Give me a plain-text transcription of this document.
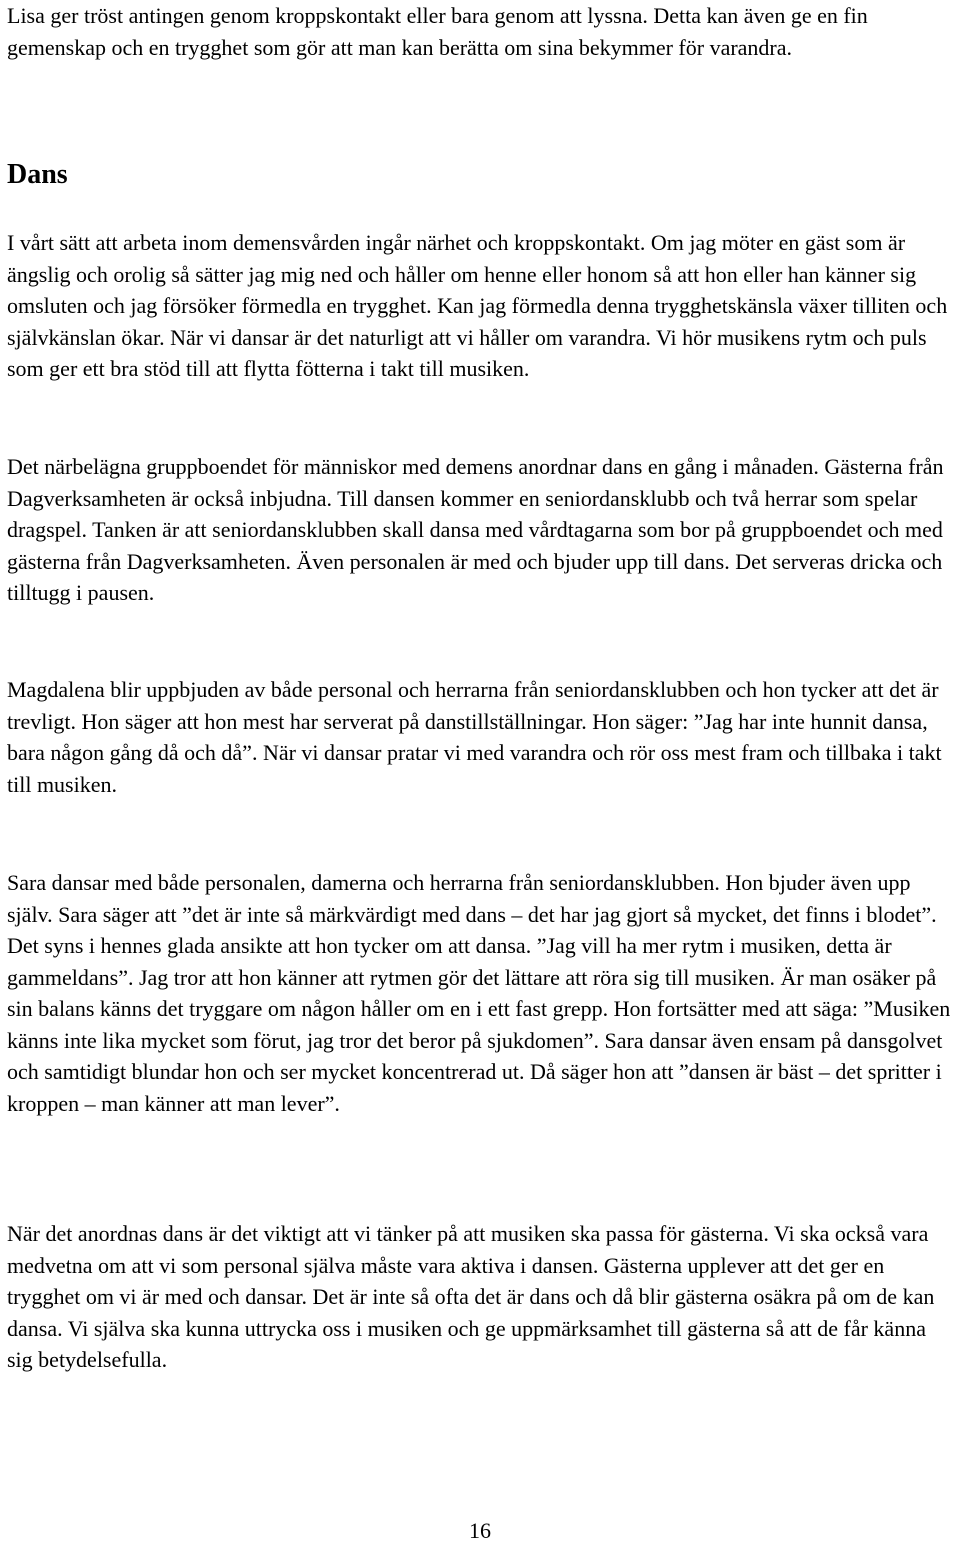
Lisa ger tröst antingen genom kroppskontakt eller bara genom att lyssna. Detta kan även ge en fin gemenskap och en trygghet som gör att man kan berätta om sina bekymmer för varandra.

Dans

I vårt sätt att arbeta inom demensvården ingår närhet och kroppskontakt. Om jag möter en gäst som är ängslig och orolig så sätter jag mig ned och håller om henne eller honom så att hon eller han känner sig omsluten och jag försöker förmedla en trygghet. Kan jag förmedla denna trygghetskänsla växer tilliten och självkänslan ökar. När vi dansar är det naturligt att vi håller om varandra. Vi hör musikens rytm och puls som ger ett bra stöd till att flytta fötterna i takt till musiken.

Det närbelägna gruppboendet för människor med demens anordnar dans en gång i månaden. Gästerna från Dagverksamheten är också inbjudna. Till dansen kommer en seniordansklubb och två herrar som spelar dragspel. Tanken är att seniordansklubben skall dansa med vårdtagarna som bor på gruppboendet och med gästerna från Dagverksamheten. Även personalen är med och bjuder upp till dans. Det serveras dricka och tilltugg i pausen.

Magdalena blir uppbjuden av både personal och herrarna från seniordansklubben och hon tycker att det är trevligt. Hon säger att hon mest har serverat på danstillställningar. Hon säger: ”Jag har inte hunnit dansa, bara någon gång då och då”. När vi dansar pratar vi med varandra och rör oss mest fram och tillbaka i takt till musiken.

Sara dansar med både personalen, damerna och herrarna från seniordansklubben. Hon bjuder även upp själv. Sara säger att ”det är inte så märkvärdigt med dans – det har jag gjort så mycket, det finns i blodet”. Det syns i hennes glada ansikte att hon tycker om att dansa. ”Jag vill ha mer rytm i musiken, detta är gammeldans”. Jag tror att hon känner att rytmen gör det lättare att röra sig till musiken. Är man osäker på sin balans känns det tryggare om någon håller om en i ett fast grepp. Hon fortsätter med att säga: ”Musiken känns inte lika mycket som förut, jag tror det beror på sjukdomen”. Sara dansar även ensam på dansgolvet och samtidigt blundar hon och ser mycket koncentrerad ut. Då säger hon att ”dansen är bäst – det spritter i kroppen – man känner att man lever”.

När det anordnas dans är det viktigt att vi tänker på att musiken ska passa för gästerna. Vi ska också vara medvetna om att vi som personal själva måste vara aktiva i dansen. Gästerna upplever att det ger en trygghet om vi är med och dansar. Det är inte så ofta det är dans och då blir gästerna osäkra på om de kan dansa. Vi själva ska kunna uttrycka oss i musiken och ge uppmärksamhet till gästerna så att de får känna sig betydelsefulla.

16
